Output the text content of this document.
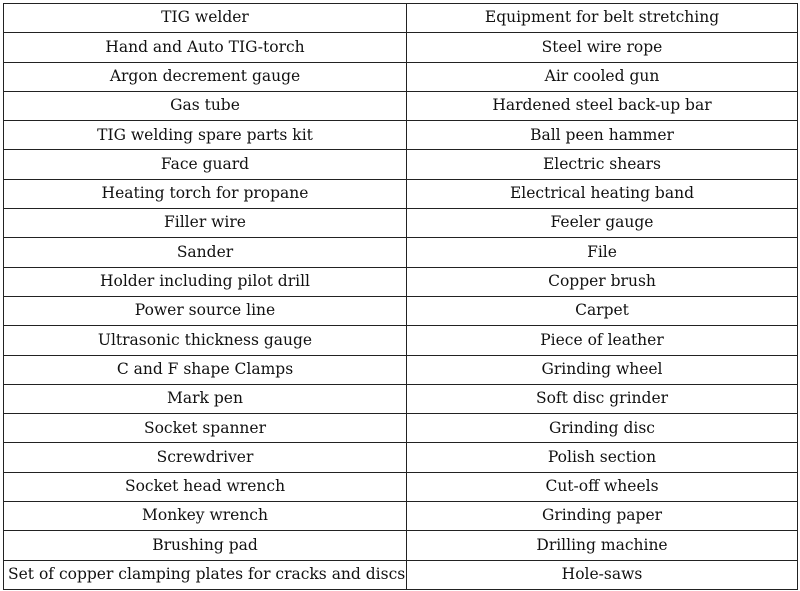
TIG welder	Equipment for belt stretching
Hand and Auto TIG-torch	Steel wire rope
Argon decrement gauge	Air cooled gun
Gas tube	Hardened steel back-up bar
TIG welding spare parts kit	Ball peen hammer
Face guard	Electric shears
Heating torch for propane	Electrical heating band
Filler wire	Feeler gauge
Sander	File
Holder including pilot drill	Copper brush
Power source line	Carpet
Ultrasonic thickness gauge	Piece of leather
C and F shape Clamps	Grinding wheel
Mark pen	Soft disc grinder
Socket spanner	Grinding disc
Screwdriver	Polish section
Socket head wrench	Cut-off wheels
Monkey wrench	Grinding paper
Brushing pad	Drilling machine
Set of copper clamping plates for cracks and discs	Hole-saws
